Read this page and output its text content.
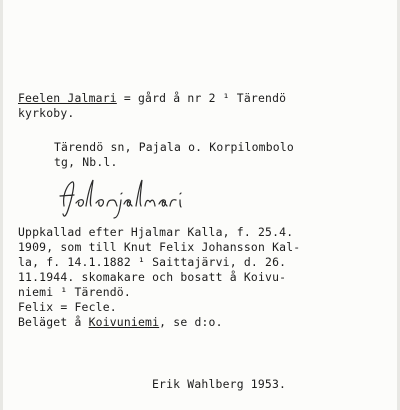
Feelen Jalmari = gård å nr 2 ¹ Tärendö
kyrkoby.
Tärendö sn, Pajala o. Korpilombolo
tg, Nb.l.
Uppkallad efter Hjalmar Kalla, f. 25.4.
1909, som till Knut Felix Johansson Kal-
la, f. 14.1.1882 ¹ Saittajärvi, d. 26.
11.1944. skomakare och bosatt å Koivu-
niemi ¹ Tärendö.
Felix = Fecle.
Beläget å Koivuniemi, se d:o.
Erik Wahlberg 1953.
